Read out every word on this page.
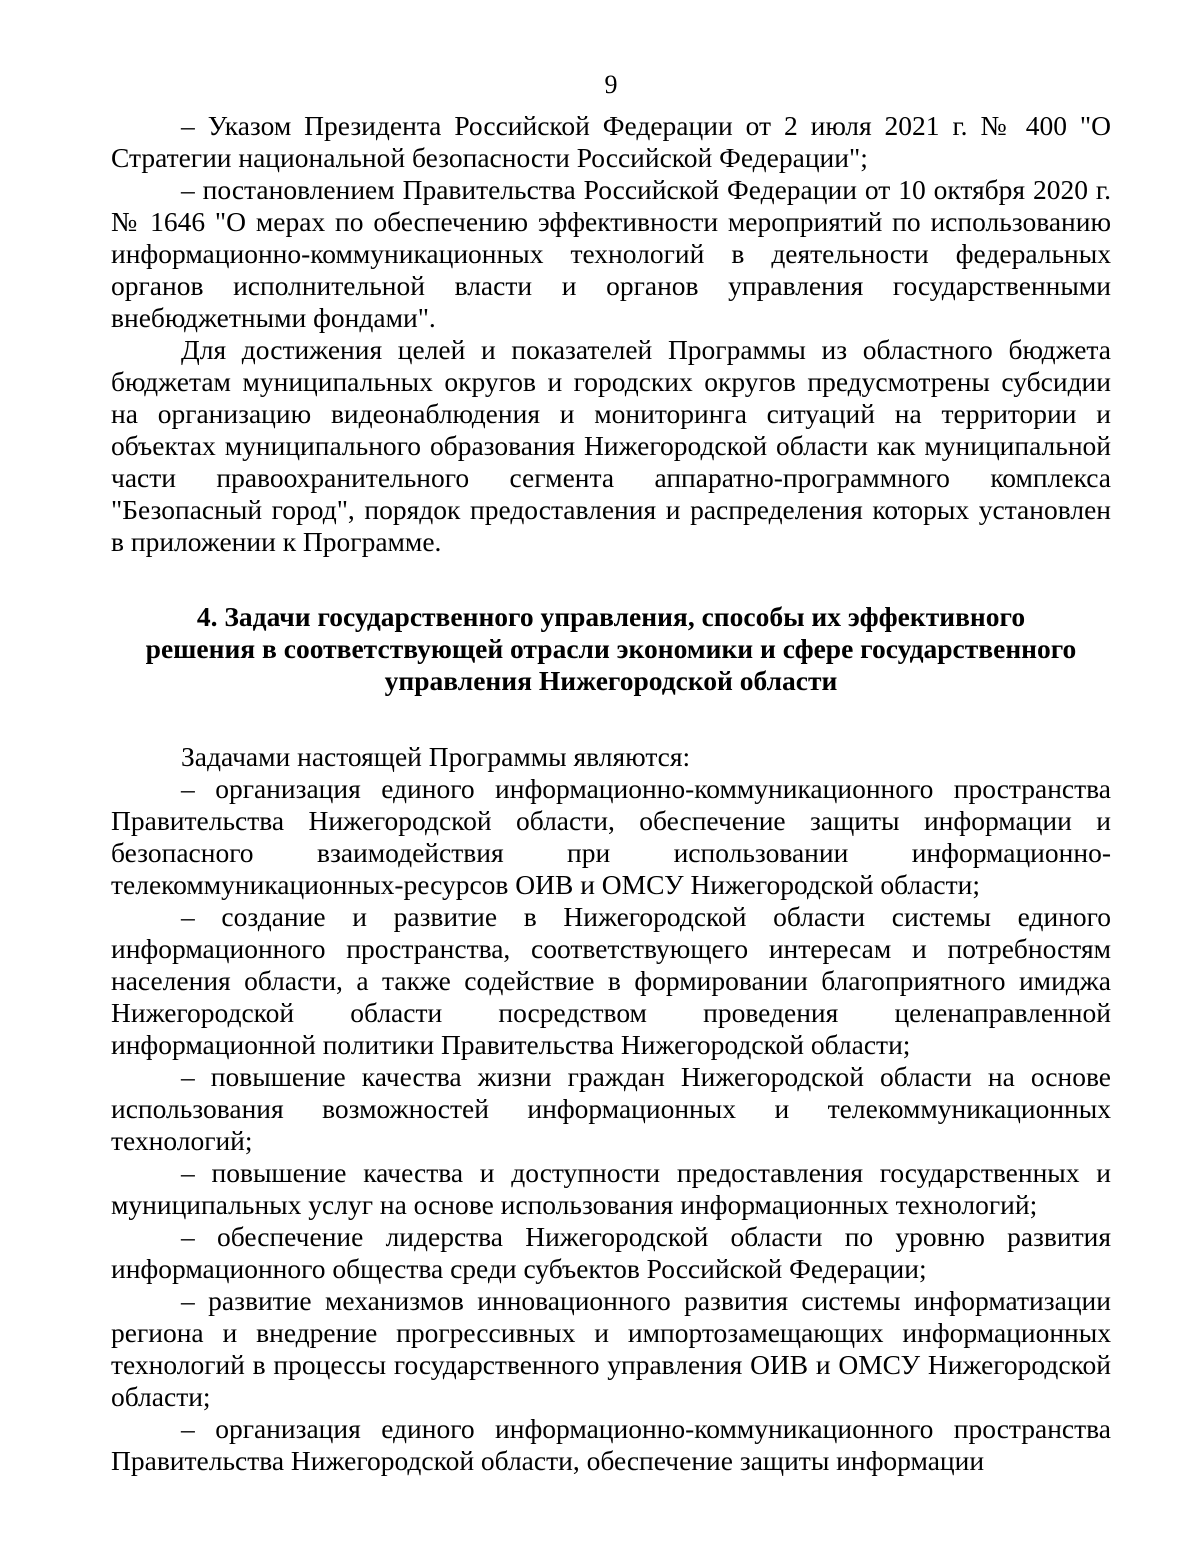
9

– Указом Президента Российской Федерации от 2 июля 2021 г. № 400 "О Стратегии национальной безопасности Российской Федерации";

– постановлением Правительства Российской Федерации от 10 октября 2020 г. № 1646 "О мерах по обеспечению эффективности мероприятий по использованию информационно-коммуникационных технологий в деятельности федеральных органов исполнительной власти и органов управления государственными внебюджетными фондами".

Для достижения целей и показателей Программы из областного бюджета бюджетам муниципальных округов и городских округов предусмотрены субсидии на организацию видеонаблюдения и мониторинга ситуаций на территории и объектах муниципального образования Нижегородской области как муниципальной части правоохранительного сегмента аппаратно-программного комплекса "Безопасный город", порядок предоставления и распределения которых установлен в приложении к Программе.

4. Задачи государственного управления, способы их эффективного
решения в соответствующей отрасли экономики и сфере государственного
управления Нижегородской области

Задачами настоящей Программы являются:

– организация единого информационно-коммуникационного пространства Правительства Нижегородской области, обеспечение защиты информации и безопасного взаимодействия при использовании информационно-телекоммуникационных-ресурсов ОИВ и ОМСУ Нижегородской области;

– создание и развитие в Нижегородской области системы единого информационного пространства, соответствующего интересам и потребностям населения области, а также содействие в формировании благоприятного имиджа Нижегородской области посредством проведения целенаправленной информационной политики Правительства Нижегородской области;

– повышение качества жизни граждан Нижегородской области на основе использования возможностей информационных и телекоммуникационных технологий;

– повышение качества и доступности предоставления государственных и муниципальных услуг на основе использования информационных технологий;

– обеспечение лидерства Нижегородской области по уровню развития информационного общества среди субъектов Российской Федерации;

– развитие механизмов инновационного развития системы информатизации региона и внедрение прогрессивных и импортозамещающих информационных технологий в процессы государственного управления ОИВ и ОМСУ Нижегородской области;

– организация единого информационно-коммуникационного пространства Правительства Нижегородской области, обеспечение защиты информации
